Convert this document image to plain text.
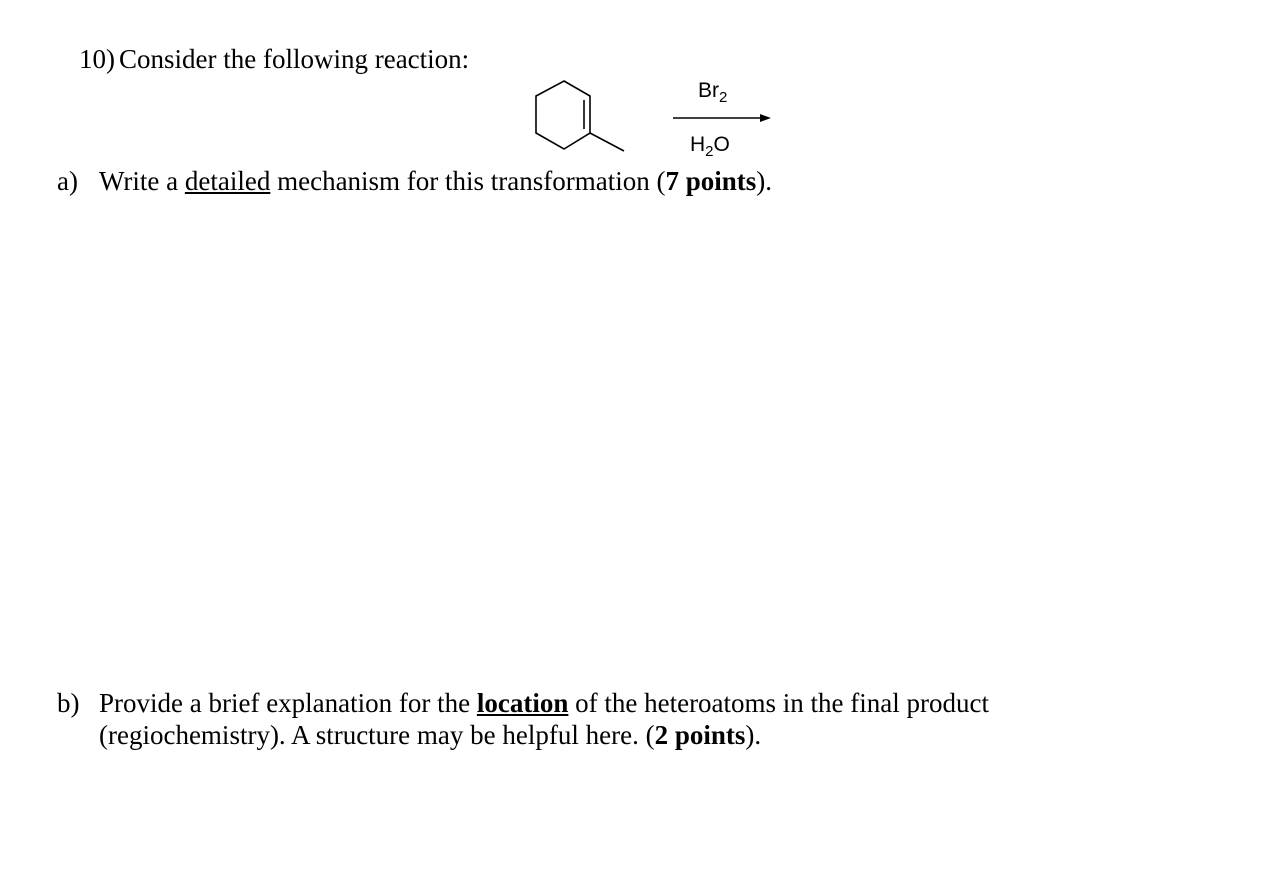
10) Consider the following reaction:
$Br_2$
$H_2O$
a) Write a detailed mechanism for this transformation (7 points).
b) Provide a brief explanation for the location of the heteroatoms in the final product
(regiochemistry). A structure may be helpful here. (2 points).
